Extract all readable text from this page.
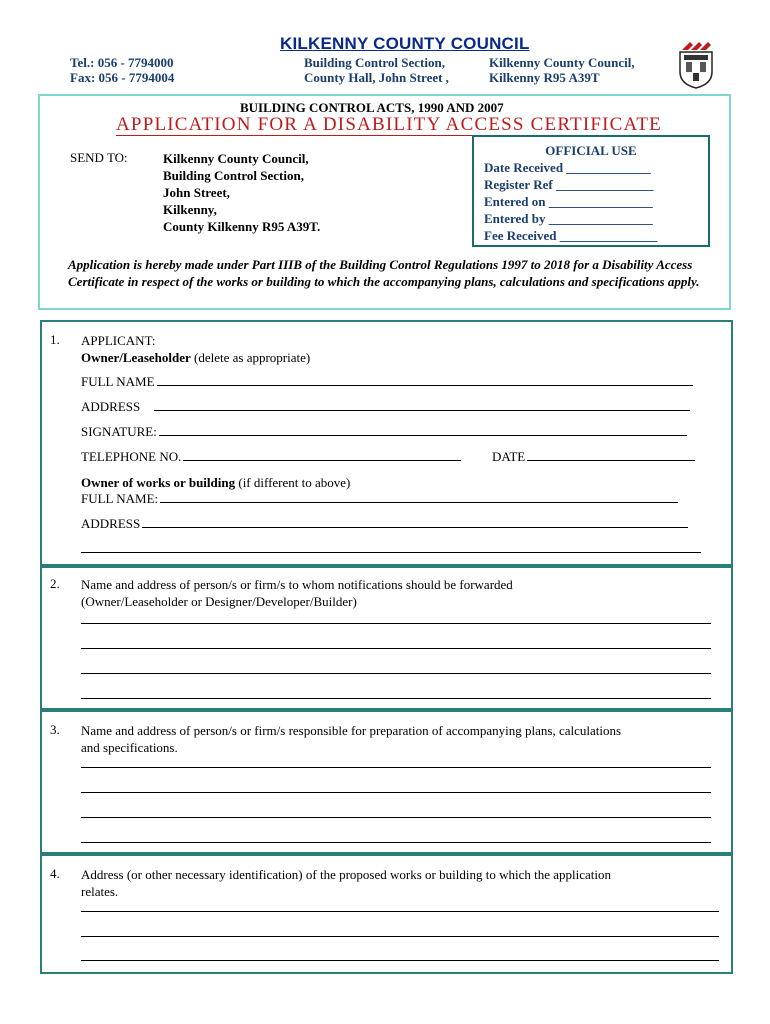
KILKENNY COUNTY COUNCIL
Tel.: 056 - 7794000
Fax: 056 - 7794004
Building Control Section,
County Hall, John Street ,
Kilkenny County Council,
Kilkenny R95 A39T
BUILDING CONTROL ACTS, 1990 AND 2007
APPLICATION FOR A DISABILITY ACCESS CERTIFICATE
SEND TO:	Kilkenny County Council,
Building Control Section,
John Street,
Kilkenny,
County Kilkenny R95 A39T.
OFFICIAL USE
Date Received _____________
Register Ref _______________
Entered on ________________
Entered by ________________
Fee Received _______________
Application is hereby made under Part IIIB of the Building Control Regulations 1997 to 2018 for a Disability Access Certificate in respect of the works or building to which the accompanying plans, calculations and specifications apply.
1. APPLICANT:
Owner/Leaseholder (delete as appropriate)
FULL NAME
ADDRESS
SIGNATURE:
TELEPHONE NO.	DATE
Owner of works or building (if different to above)
FULL NAME:
ADDRESS
2. Name and address of person/s or firm/s to whom notifications should be forwarded
(Owner/Leaseholder or Designer/Developer/Builder)
3. Name and address of person/s or firm/s responsible for preparation of accompanying plans, calculations
and specifications.
4. Address (or other necessary identification) of the proposed works or building to which the application
relates.
